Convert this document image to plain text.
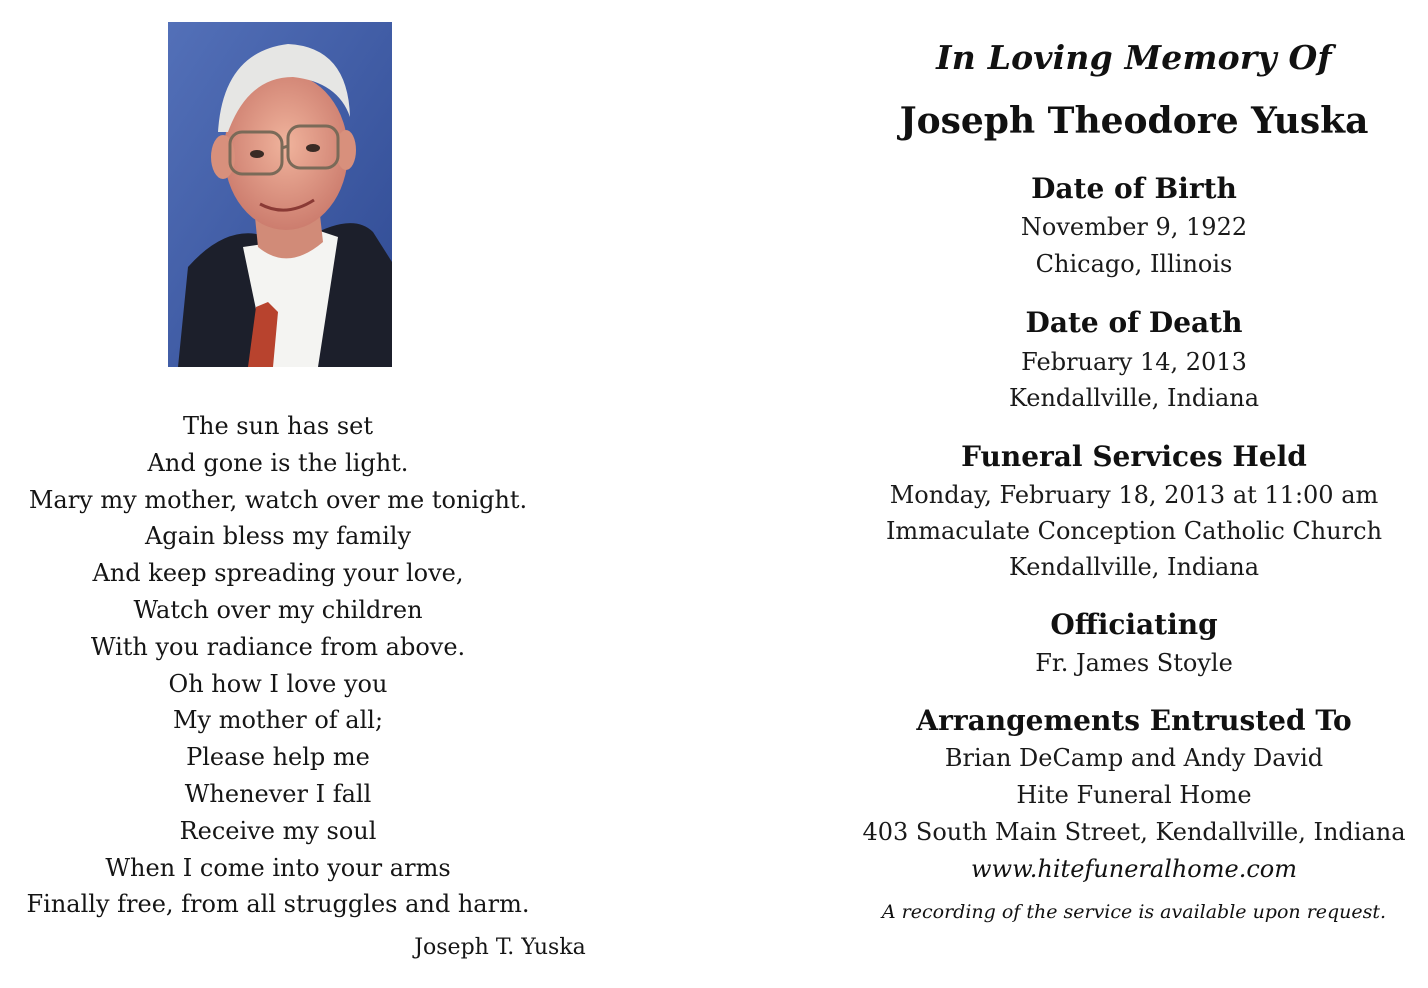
The sun has set
And gone is the light.
Mary my mother, watch over me tonight.
Again bless my family
And keep spreading your love,
Watch over my children
With you radiance from above.
Oh how I love you
My mother of all;
Please help me
Whenever I fall
Receive my soul
When I come into your arms
Finally free, from all struggles and harm.
Joseph T. Yuska
In Loving Memory Of
Joseph Theodore Yuska
Date of Birth
November 9, 1922
Chicago, Illinois
Date of Death
February 14, 2013
Kendallville, Indiana
Funeral Services Held
Monday, February 18, 2013 at 11:00 am
Immaculate Conception Catholic Church
Kendallville, Indiana
Officiating
Fr. James Stoyle
Arrangements Entrusted To
Brian DeCamp and Andy David
Hite Funeral Home
403 South Main Street, Kendallville, Indiana
www.hitefuneralhome.com
A recording of the service is available upon request.
